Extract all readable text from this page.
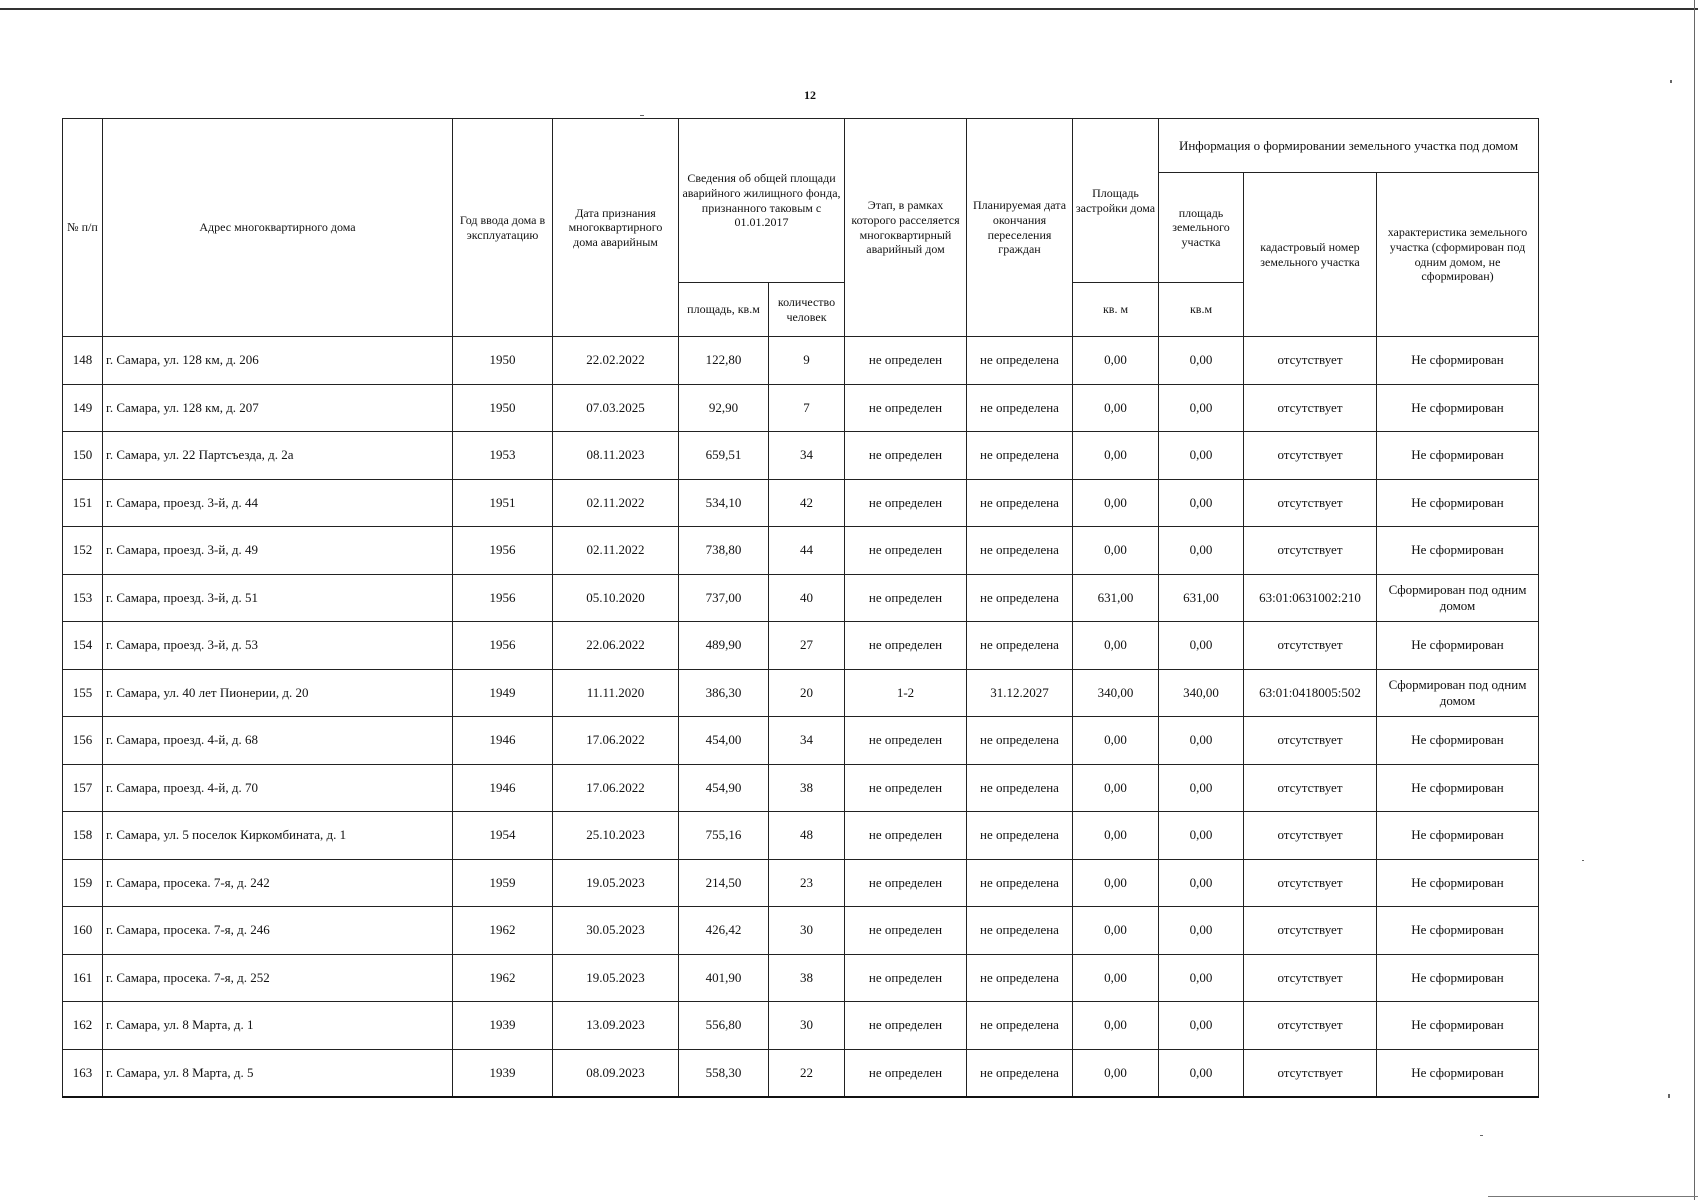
12
№ п/п	Адрес многоквартирного дома	Год ввода дома в эксплуатацию	Дата признания многоквартирного дома аварийным	Сведения об общей площади аварийного жилищного фонда, признанного таковым с 01.01.2017		Этап, в рамках которого расселяется многоквартирный аварийный дом	Планируемая дата окончания переселения граждан	Площадь застройки дома	Информация о формировании земельного участка под домом		
									площадь земельного участка	кадастровый номер земельного участка	характеристика земельного участка (сформирован под одним домом, не сформирован)
				площадь, кв.м	количество человек			кв. м	кв.м		
148	г. Самара, ул. 128 км, д. 206	1950	22.02.2022	122,80	9	не определен	не определена	0,00	0,00	отсутствует	Не сформирован
149	г. Самара, ул. 128 км, д. 207	1950	07.03.2025	92,90	7	не определен	не определена	0,00	0,00	отсутствует	Не сформирован
150	г. Самара, ул. 22 Партсъезда, д. 2а	1953	08.11.2023	659,51	34	не определен	не определена	0,00	0,00	отсутствует	Не сформирован
151	г. Самара, проезд. 3-й, д. 44	1951	02.11.2022	534,10	42	не определен	не определена	0,00	0,00	отсутствует	Не сформирован
152	г. Самара, проезд. 3-й, д. 49	1956	02.11.2022	738,80	44	не определен	не определена	0,00	0,00	отсутствует	Не сформирован
153	г. Самара, проезд. 3-й, д. 51	1956	05.10.2020	737,00	40	не определен	не определена	631,00	631,00	63:01:0631002:210	Сформирован под одним домом
154	г. Самара, проезд. 3-й, д. 53	1956	22.06.2022	489,90	27	не определен	не определена	0,00	0,00	отсутствует	Не сформирован
155	г. Самара, ул. 40 лет Пионерии, д. 20	1949	11.11.2020	386,30	20	1-2	31.12.2027	340,00	340,00	63:01:0418005:502	Сформирован под одним домом
156	г. Самара, проезд. 4-й, д. 68	1946	17.06.2022	454,00	34	не определен	не определена	0,00	0,00	отсутствует	Не сформирован
157	г. Самара, проезд. 4-й, д. 70	1946	17.06.2022	454,90	38	не определен	не определена	0,00	0,00	отсутствует	Не сформирован
158	г. Самара, ул. 5 поселок Киркомбината, д. 1	1954	25.10.2023	755,16	48	не определен	не определена	0,00	0,00	отсутствует	Не сформирован
159	г. Самара, просека. 7-я, д. 242	1959	19.05.2023	214,50	23	не определен	не определена	0,00	0,00	отсутствует	Не сформирован
160	г. Самара, просека. 7-я, д. 246	1962	30.05.2023	426,42	30	не определен	не определена	0,00	0,00	отсутствует	Не сформирован
161	г. Самара, просека. 7-я, д. 252	1962	19.05.2023	401,90	38	не определен	не определена	0,00	0,00	отсутствует	Не сформирован
162	г. Самара, ул. 8 Марта, д. 1	1939	13.09.2023	556,80	30	не определен	не определена	0,00	0,00	отсутствует	Не сформирован
163	г. Самара, ул. 8 Марта, д. 5	1939	08.09.2023	558,30	22	не определен	не определена	0,00	0,00	отсутствует	Не сформирован
